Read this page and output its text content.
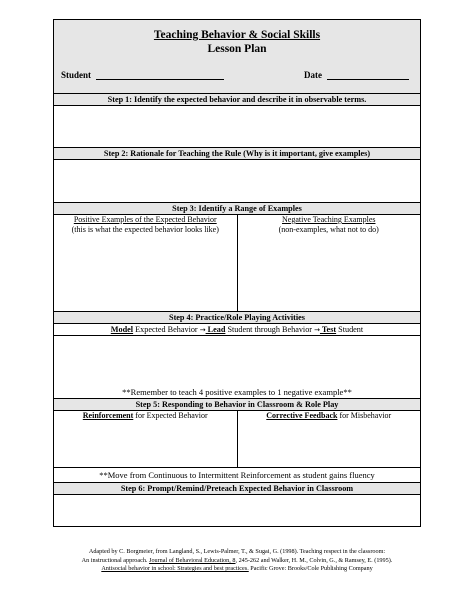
Teaching Behavior & Social Skills
Lesson Plan
Student	Date
Step 1: Identify the expected behavior and describe it in observable terms.
Step 2: Rationale for Teaching the Rule (Why is it important, give examples)
Step 3: Identify a Range of Examples
Positive Examples of the Expected Behavior
(this is what the expected behavior looks like)
Negative Teaching Examples
(non-examples, what not to do)
Step 4: Practice/Role Playing Activities
Model Expected Behavior → Lead Student through Behavior → Test Student
**Remember to teach 4 positive examples to 1 negative example**
Step 5: Responding to Behavior in Classroom & Role Play
Reinforcement for Expected Behavior	Corrective Feedback for Misbehavior
**Move from Continuous to Intermittent Reinforcement as student gains fluency
Step 6: Prompt/Remind/Preteach Expected Behavior in Classroom
Adapted by C. Borgmeier, from Langland, S., Lewis-Palmer, T., & Sugai, G. (1998). Teaching respect in the classroom:
An instructional approach. Journal of Behavioral Education, 8, 245-262 and Walker, H. M., Colvin, G., & Ramsey, E. (1995).
Antisocial behavior in school: Strategies and best practices. Pacific Grove: Brooks/Cole Publishing Company
